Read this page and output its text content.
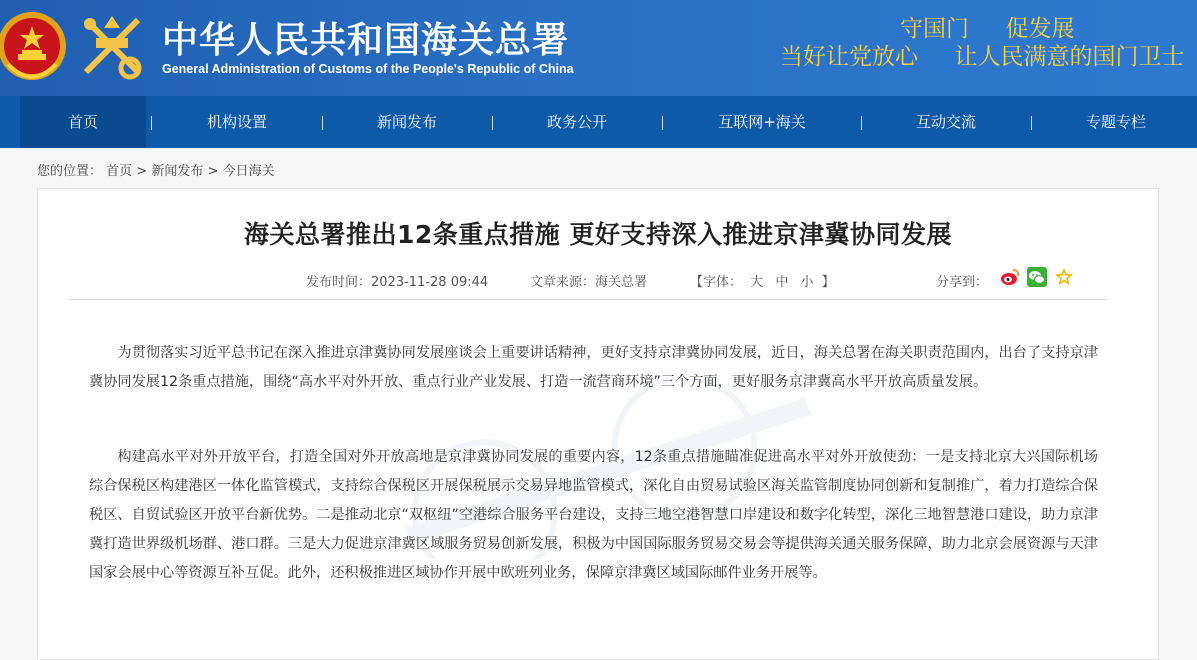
中华人民共和国海关总署
General Administration of Customs of the People's Republic of China
守国门     促发展
当好让党放心     让人民满意的国门卫士
首页	机构设置	新闻发布	政务公开	互联网+海关	互动交流	专题专栏
您的位置： 首页 > 新闻发布 > 今日海关
海关总署推出12条重点措施 更好支持深入推进京津冀协同发展
发布时间：2023-11-28 09:44	文章来源：海关总署	【字体： 大 中 小 】	分享到：

为贯彻落实习近平总书记在深入推进京津冀协同发展座谈会上重要讲话精神，更好支持京津冀协同发展，近日，海关总署在海关职责范围内，出台了支持京津冀协同发展12条重点措施，围绕“高水平对外开放、重点行业产业发展、打造一流营商环境”三个方面，更好服务京津冀高水平开放高质量发展。

构建高水平对外开放平台，打造全国对外开放高地是京津冀协同发展的重要内容，12条重点措施瞄准促进高水平对外开放使劲：一是支持北京大兴国际机场综合保税区构建港区一体化监管模式，支持综合保税区开展保税展示交易异地监管模式，深化自由贸易试验区海关监管制度协同创新和复制推广，着力打造综合保税区、自贸试验区开放平台新优势。二是推动北京“双枢纽”空港综合服务平台建设，支持三地空港智慧口岸建设和数字化转型，深化三地智慧港口建设，助力京津冀打造世界级机场群、港口群。三是大力促进京津冀区域服务贸易创新发展，积极为中国国际服务贸易交易会等提供海关通关服务保障，助力北京会展资源与天津国家会展中心等资源互补互促。此外，还积极推进区域协作开展中欧班列业务，保障京津冀区域国际邮件业务开展等。
